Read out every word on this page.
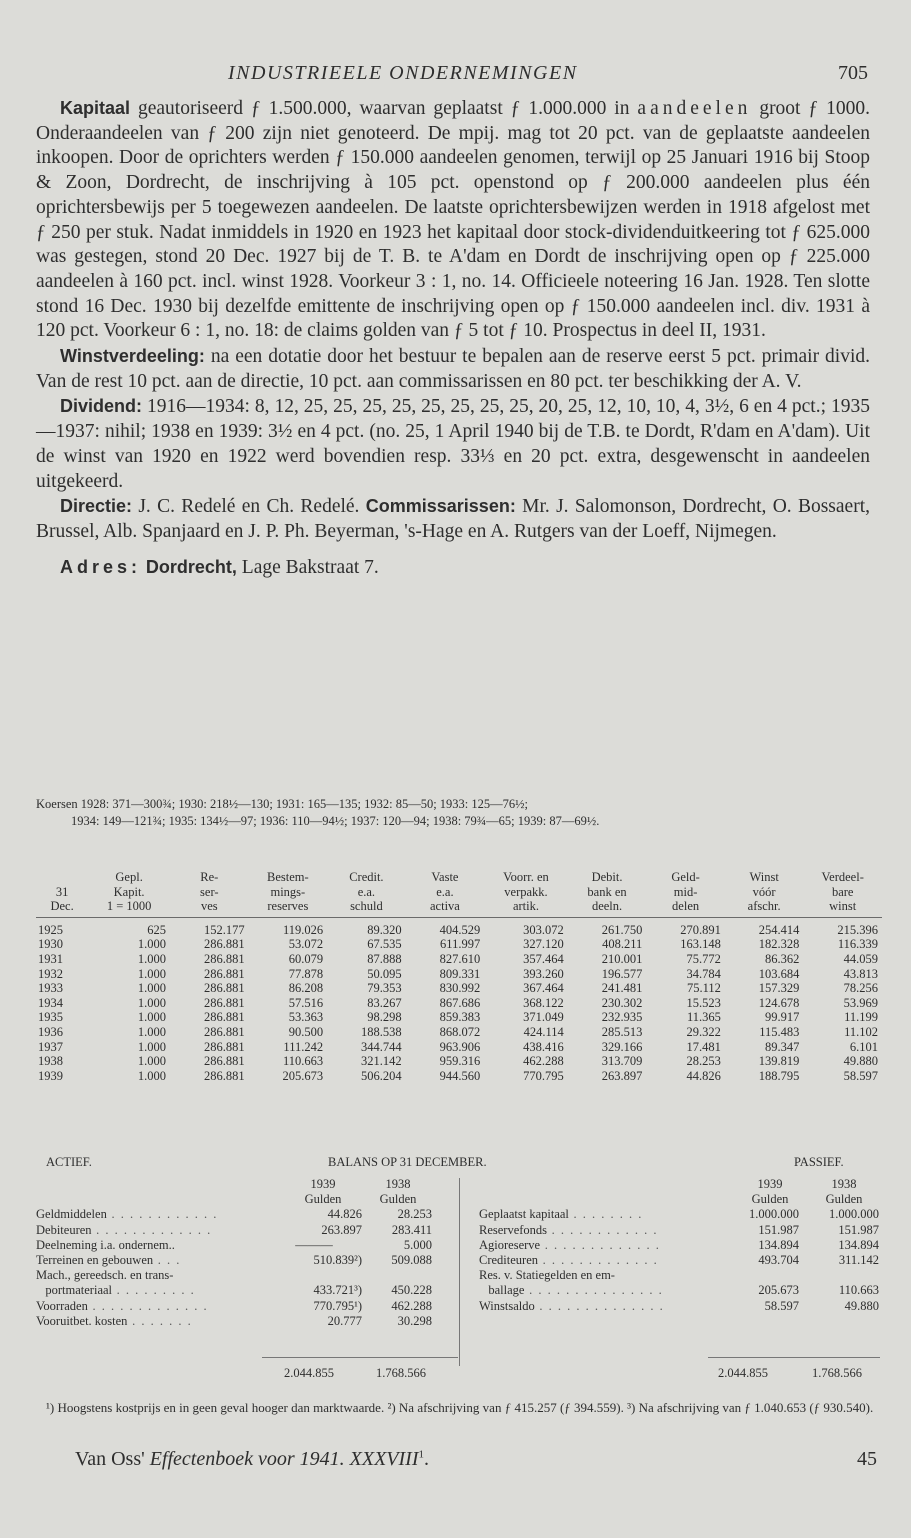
INDUSTRIEELE ONDERNEMINGEN	705

Kapitaal geautoriseerd ƒ 1.500.000, waarvan geplaatst ƒ 1.000.000 in aandeelen groot ƒ 1000. Onderaandeelen van ƒ 200 zijn niet genoteerd. De mpij. mag tot 20 pct. van de geplaatste aandeelen inkoopen. Door de oprichters werden ƒ 150.000 aandeelen genomen, terwijl op 25 Januari 1916 bij Stoop & Zoon, Dordrecht, de inschrijving à 105 pct. openstond op ƒ 200.000 aandeelen plus één oprichtersbewijs per 5 toegewezen aandeelen. De laatste oprichtersbewijzen werden in 1918 afgelost met ƒ 250 per stuk. Nadat inmiddels in 1920 en 1923 het kapitaal door stock-dividenduitkeering tot ƒ 625.000 was gestegen, stond 20 Dec. 1927 bij de T. B. te A'dam en Dordt de inschrijving open op ƒ 225.000 aandeelen à 160 pct. incl. winst 1928. Voorkeur 3 : 1, no. 14. Officieele noteering 16 Jan. 1928. Ten slotte stond 16 Dec. 1930 bij dezelfde emittente de inschrijving open op ƒ 150.000 aandeelen incl. div. 1931 à 120 pct. Voorkeur 6 : 1, no. 18: de claims golden van ƒ 5 tot ƒ 10. Prospectus in deel II, 1931.

Winstverdeeling: na een dotatie door het bestuur te bepalen aan de reserve eerst 5 pct. primair divid. Van de rest 10 pct. aan de directie, 10 pct. aan commissarissen en 80 pct. ter beschikking der A. V.

Dividend: 1916—1934: 8, 12, 25, 25, 25, 25, 25, 25, 25, 25, 20, 25, 12, 10, 10, 4, 3½, 6 en 4 pct.; 1935—1937: nihil; 1938 en 1939: 3½ en 4 pct. (no. 25, 1 April 1940 bij de T.B. te Dordt, R'dam en A'dam). Uit de winst van 1920 en 1922 werd bovendien resp. 33⅓ en 20 pct. extra, desgewenscht in aandeelen uitgekeerd.

Directie: J. C. Redelé en Ch. Redelé. Commissarissen: Mr. J. Salomonson, Dordrecht, O. Bossaert, Brussel, Alb. Spanjaard en J. P. Ph. Beyerman, 's-Hage en A. Rutgers van der Loeff, Nijmegen.

Adres: Dordrecht, Lage Bakstraat 7.

Koersen 1928: 371—300¾; 1930: 218½—130; 1931: 165—135; 1932: 85—50; 1933: 125—76½;
1934: 149—121¾; 1935: 134½—97; 1936: 110—94½; 1937: 120—94; 1938: 79¾—65; 1939: 87—69½.
	Gepl.	Re-	Bestem-	Credit.	Vaste	Voorr. en	Debit.	Geld-	Winst	Verdeel-
31	Kapit.	ser-	mings-	e.a.	e.a.	verpakk.	bank en	mid-	vóór	bare
Dec.	1 = 1000	ves	reserves	schuld	activa	artik.	deeln.	delen	afschr.	winst
1925	625	152.177	119.026	89.320	404.529	303.072	261.750	270.891	254.414	215.396
1930	1.000	286.881	53.072	67.535	611.997	327.120	408.211	163.148	182.328	116.339
1931	1.000	286.881	60.079	87.888	827.610	357.464	210.001	75.772	86.362	44.059
1932	1.000	286.881	77.878	50.095	809.331	393.260	196.577	34.784	103.684	43.813
1933	1.000	286.881	86.208	79.353	830.992	367.464	241.481	75.112	157.329	78.256
1934	1.000	286.881	57.516	83.267	867.686	368.122	230.302	15.523	124.678	53.969
1935	1.000	286.881	53.363	98.298	859.383	371.049	232.935	11.365	99.917	11.199
1936	1.000	286.881	90.500	188.538	868.072	424.114	285.513	29.322	115.483	11.102
1937	1.000	286.881	111.242	344.744	963.906	438.416	329.166	17.481	89.347	6.101
1938	1.000	286.881	110.663	321.142	959.316	462.288	313.709	28.253	139.819	49.880
1939	1.000	286.881	205.673	506.204	944.560	770.795	263.897	44.826	188.795	58.597
ACTIEF.	BALANS OP 31 DECEMBER.	PASSIEF.
1939	1938
Gulden	Gulden
Geldmiddelen . . . . . . . . . . . .	44.826	28.253
Debiteuren . . . . . . . . . . . . .	263.897	283.411
Deelneming i.a. ondernem..	———	5.000
Terreinen en gebouwen . . .	510.839²)	509.088
Mach., gereedsch. en trans-
portmateriaal . . . . . . . . .	433.721³)	450.228
Voorraden . . . . . . . . . . . . .	770.795¹)	462.288
Vooruitbet. kosten . . . . . . .	20.777	30.298
1939	1938
Gulden	Gulden
Geplaatst kapitaal . . . . . . . .	1.000.000	1.000.000
Reservefonds . . . . . . . . . . . .	151.987	151.987
Agioreserve . . . . . . . . . . . . .	134.894	134.894
Crediteuren . . . . . . . . . . . . .	493.704	311.142
Res. v. Statiegelden en em-
ballage . . . . . . . . . . . . . . .	205.673	110.663
Winstsaldo . . . . . . . . . . . . . .	58.597	49.880
2.044.855	1.768.566	2.044.855	1.768.566
¹) Hoogstens kostprijs en in geen geval hooger dan marktwaarde. ²) Na afschrijving van ƒ 415.257 (ƒ 394.559). ³) Na afschrijving van ƒ 1.040.653 (ƒ 930.540).
Van Oss' Effectenboek voor 1941. XXXVIII$^1$.	45
